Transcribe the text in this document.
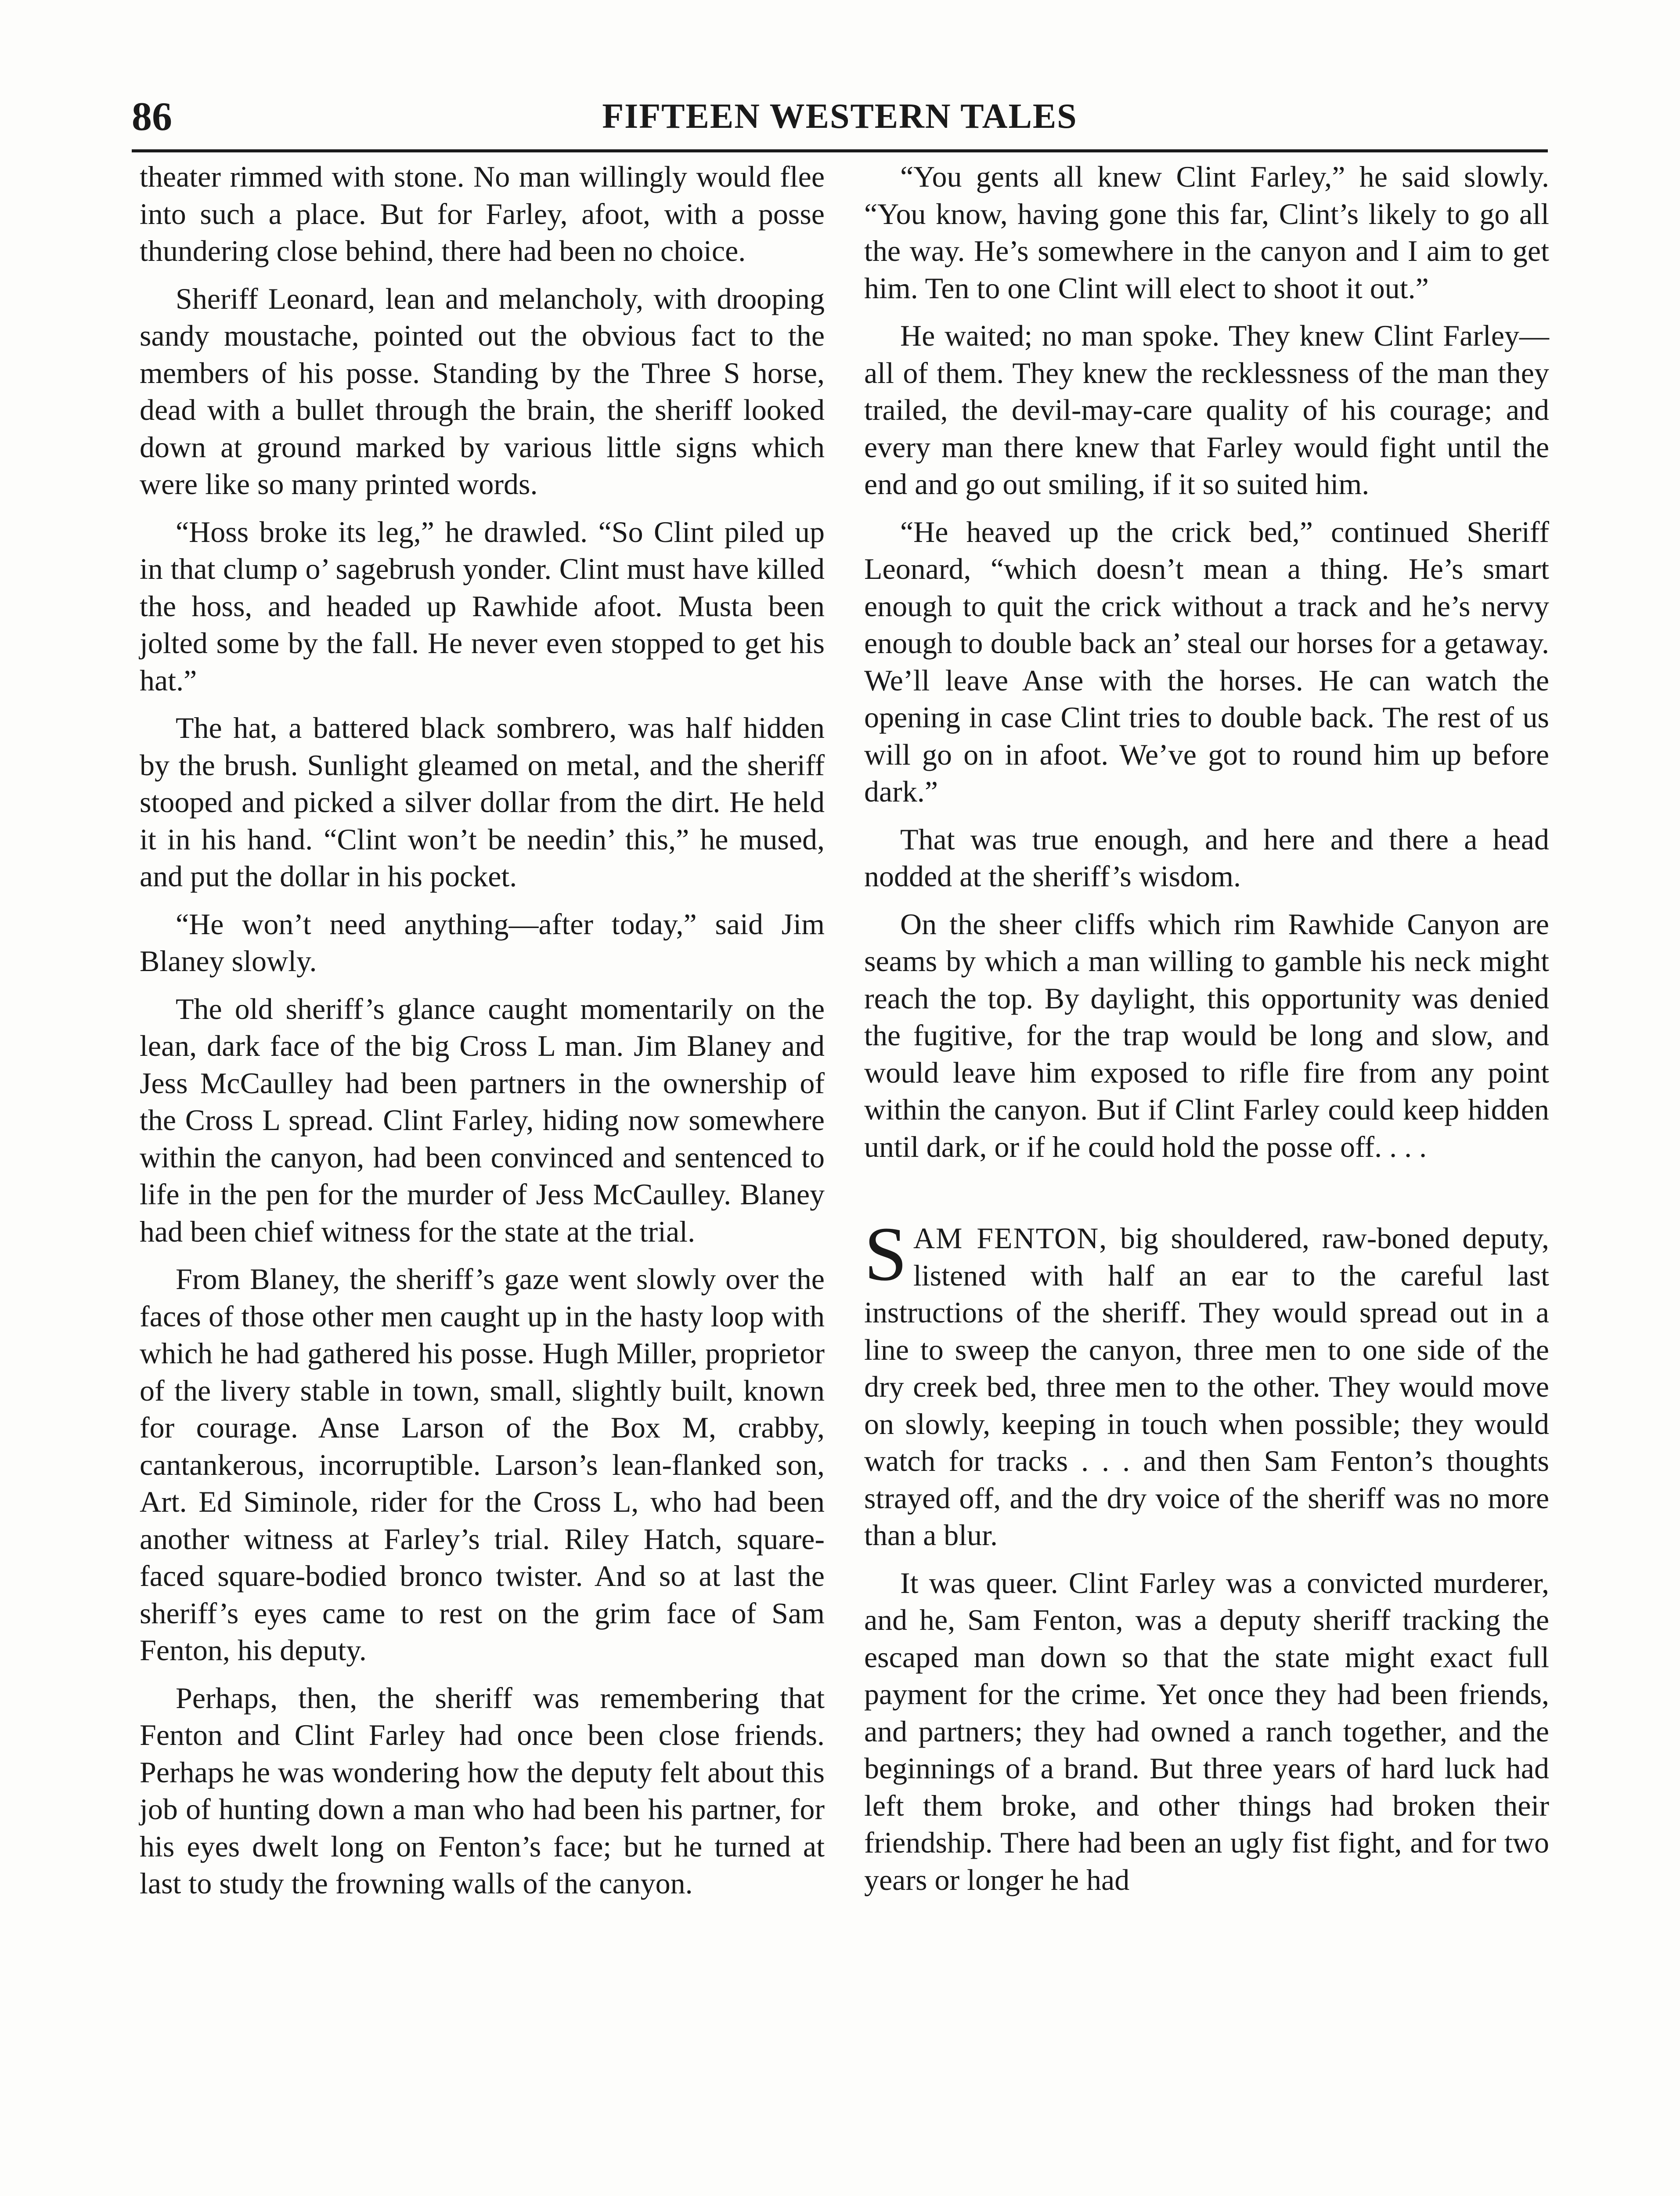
86	FIFTEEN WESTERN TALES

theater rimmed with stone. No man willingly would flee into such a place. But for Farley, afoot, with a posse thundering close behind, there had been no choice.

Sheriff Leonard, lean and melancholy, with drooping sandy moustache, pointed out the obvious fact to the members of his posse. Standing by the Three S horse, dead with a bullet through the brain, the sheriff looked down at ground marked by various little signs which were like so many printed words.

“Hoss broke its leg,” he drawled. “So Clint piled up in that clump o’ sagebrush yonder. Clint must have killed the hoss, and headed up Rawhide afoot. Musta been jolted some by the fall. He never even stopped to get his hat.”

The hat, a battered black sombrero, was half hidden by the brush. Sunlight gleamed on metal, and the sheriff stooped and picked a silver dollar from the dirt. He held it in his hand. “Clint won’t be needin’ this,” he mused, and put the dollar in his pocket.

“He won’t need anything—after today,” said Jim Blaney slowly.

The old sheriff’s glance caught momentarily on the lean, dark face of the big Cross L man. Jim Blaney and Jess McCaulley had been partners in the ownership of the Cross L spread. Clint Farley, hiding now somewhere within the canyon, had been convinced and sentenced to life in the pen for the murder of Jess McCaulley. Blaney had been chief witness for the state at the trial.

From Blaney, the sheriff’s gaze went slowly over the faces of those other men caught up in the hasty loop with which he had gathered his posse. Hugh Miller, proprietor of the livery stable in town, small, slightly built, known for courage. Anse Larson of the Box M, crabby, cantankerous, incorruptible. Larson’s lean-flanked son, Art. Ed Siminole, rider for the Cross L, who had been another witness at Farley’s trial. Riley Hatch, square-faced square-bodied bronco twister. And so at last the sheriff’s eyes came to rest on the grim face of Sam Fenton, his deputy.

Perhaps, then, the sheriff was remembering that Fenton and Clint Farley had once been close friends. Perhaps he was wondering how the deputy felt about this job of hunting down a man who had been his partner, for his eyes dwelt long on Fenton’s face; but he turned at last to study the frowning walls of the canyon.

“You gents all knew Clint Farley,” he said slowly. “You know, having gone this far, Clint’s likely to go all the way. He’s somewhere in the canyon and I aim to get him. Ten to one Clint will elect to shoot it out.”

He waited; no man spoke. They knew Clint Farley—all of them. They knew the recklessness of the man they trailed, the devil-may-care quality of his courage; and every man there knew that Farley would fight until the end and go out smiling, if it so suited him.

“He heaved up the crick bed,” continued Sheriff Leonard, “which doesn’t mean a thing. He’s smart enough to quit the crick without a track and he’s nervy enough to double back an’ steal our horses for a getaway. We’ll leave Anse with the horses. He can watch the opening in case Clint tries to double back. The rest of us will go on in afoot. We’ve got to round him up before dark.”

That was true enough, and here and there a head nodded at the sheriff’s wisdom.

On the sheer cliffs which rim Rawhide Canyon are seams by which a man willing to gamble his neck might reach the top. By daylight, this opportunity was denied the fugitive, for the trap would be long and slow, and would leave him exposed to rifle fire from any point within the canyon. But if Clint Farley could keep hidden until dark, or if he could hold the posse off. . . .

SAM FENTON, big shouldered, raw-boned deputy, listened with half an ear to the careful last instructions of the sheriff. They would spread out in a line to sweep the canyon, three men to one side of the dry creek bed, three men to the other. They would move on slowly, keeping in touch when possible; they would watch for tracks . . . and then Sam Fenton’s thoughts strayed off, and the dry voice of the sheriff was no more than a blur.

It was queer. Clint Farley was a convicted murderer, and he, Sam Fenton, was a deputy sheriff tracking the escaped man down so that the state might exact full payment for the crime. Yet once they had been friends, and partners; they had owned a ranch together, and the beginnings of a brand. But three years of hard luck had left them broke, and other things had broken their friendship. There had been an ugly fist fight, and for two years or longer he had
